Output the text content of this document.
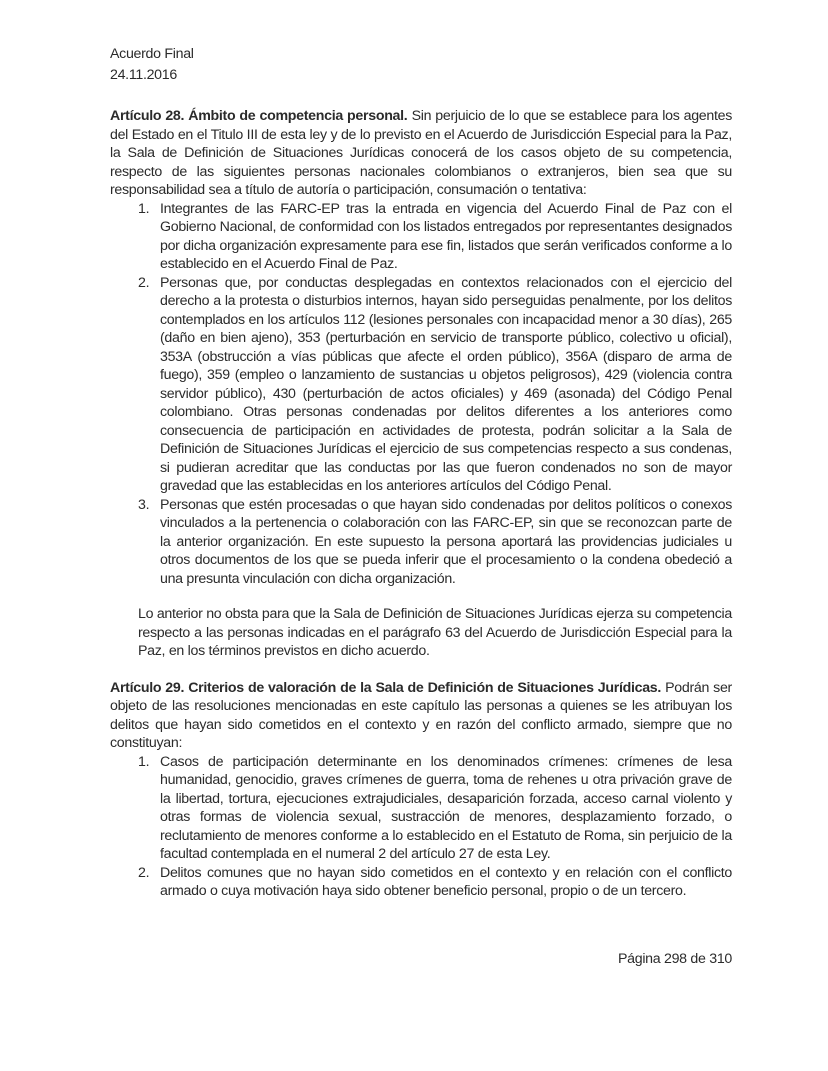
Acuerdo Final
24.11.2016

Artículo 28. Ámbito de competencia personal. Sin perjuicio de lo que se establece para los agentes del Estado en el Titulo III de esta ley y de lo previsto en el Acuerdo de Jurisdicción Especial para la Paz, la Sala de Definición de Situaciones Jurídicas conocerá de los casos objeto de su competencia, respecto de las siguientes personas nacionales colombianos o extranjeros, bien sea que su responsabilidad sea a título de autoría o participación, consumación o tentativa:

1. Integrantes de las FARC-EP tras la entrada en vigencia del Acuerdo Final de Paz con el Gobierno Nacional, de conformidad con los listados entregados por representantes designados por dicha organización expresamente para ese fin, listados que serán verificados conforme a lo establecido en el Acuerdo Final de Paz.
2. Personas que, por conductas desplegadas en contextos relacionados con el ejercicio del derecho a la protesta o disturbios internos, hayan sido perseguidas penalmente, por los delitos contemplados en los artículos 112 (lesiones personales con incapacidad menor a 30 días), 265 (daño en bien ajeno), 353 (perturbación en servicio de transporte público, colectivo u oficial), 353A (obstrucción a vías públicas que afecte el orden público), 356A (disparo de arma de fuego), 359 (empleo o lanzamiento de sustancias u objetos peligrosos), 429 (violencia contra servidor público), 430 (perturbación de actos oficiales) y 469 (asonada) del Código Penal colombiano. Otras personas condenadas por delitos diferentes a los anteriores como consecuencia de participación en actividades de protesta, podrán solicitar a la Sala de Definición de Situaciones Jurídicas el ejercicio de sus competencias respecto a sus condenas, si pudieran acreditar que las conductas por las que fueron condenados no son de mayor gravedad que las establecidas en los anteriores artículos del Código Penal.
3. Personas que estén procesadas o que hayan sido condenadas por delitos políticos o conexos vinculados a la pertenencia o colaboración con las FARC-EP, sin que se reconozcan parte de la anterior organización. En este supuesto la persona aportará las providencias judiciales u otros documentos de los que se pueda inferir que el procesamiento o la condena obedeció a una presunta vinculación con dicha organización.

Lo anterior no obsta para que la Sala de Definición de Situaciones Jurídicas ejerza su competencia respecto a las personas indicadas en el parágrafo 63 del Acuerdo de Jurisdicción Especial para la Paz, en los términos previstos en dicho acuerdo.

Artículo 29. Criterios de valoración de la Sala de Definición de Situaciones Jurídicas. Podrán ser objeto de las resoluciones mencionadas en este capítulo las personas a quienes se les atribuyan los delitos que hayan sido cometidos en el contexto y en razón del conflicto armado, siempre que no constituyan:

1. Casos de participación determinante en los denominados crímenes: crímenes de lesa humanidad, genocidio, graves crímenes de guerra, toma de rehenes u otra privación grave de la libertad, tortura, ejecuciones extrajudiciales, desaparición forzada, acceso carnal violento y otras formas de violencia sexual, sustracción de menores, desplazamiento forzado, o reclutamiento de menores conforme a lo establecido en el Estatuto de Roma, sin perjuicio de la facultad contemplada en el numeral 2 del artículo 27 de esta Ley.
2. Delitos comunes que no hayan sido cometidos en el contexto y en relación con el conflicto armado o cuya motivación haya sido obtener beneficio personal, propio o de un tercero.
Página 298 de 310
